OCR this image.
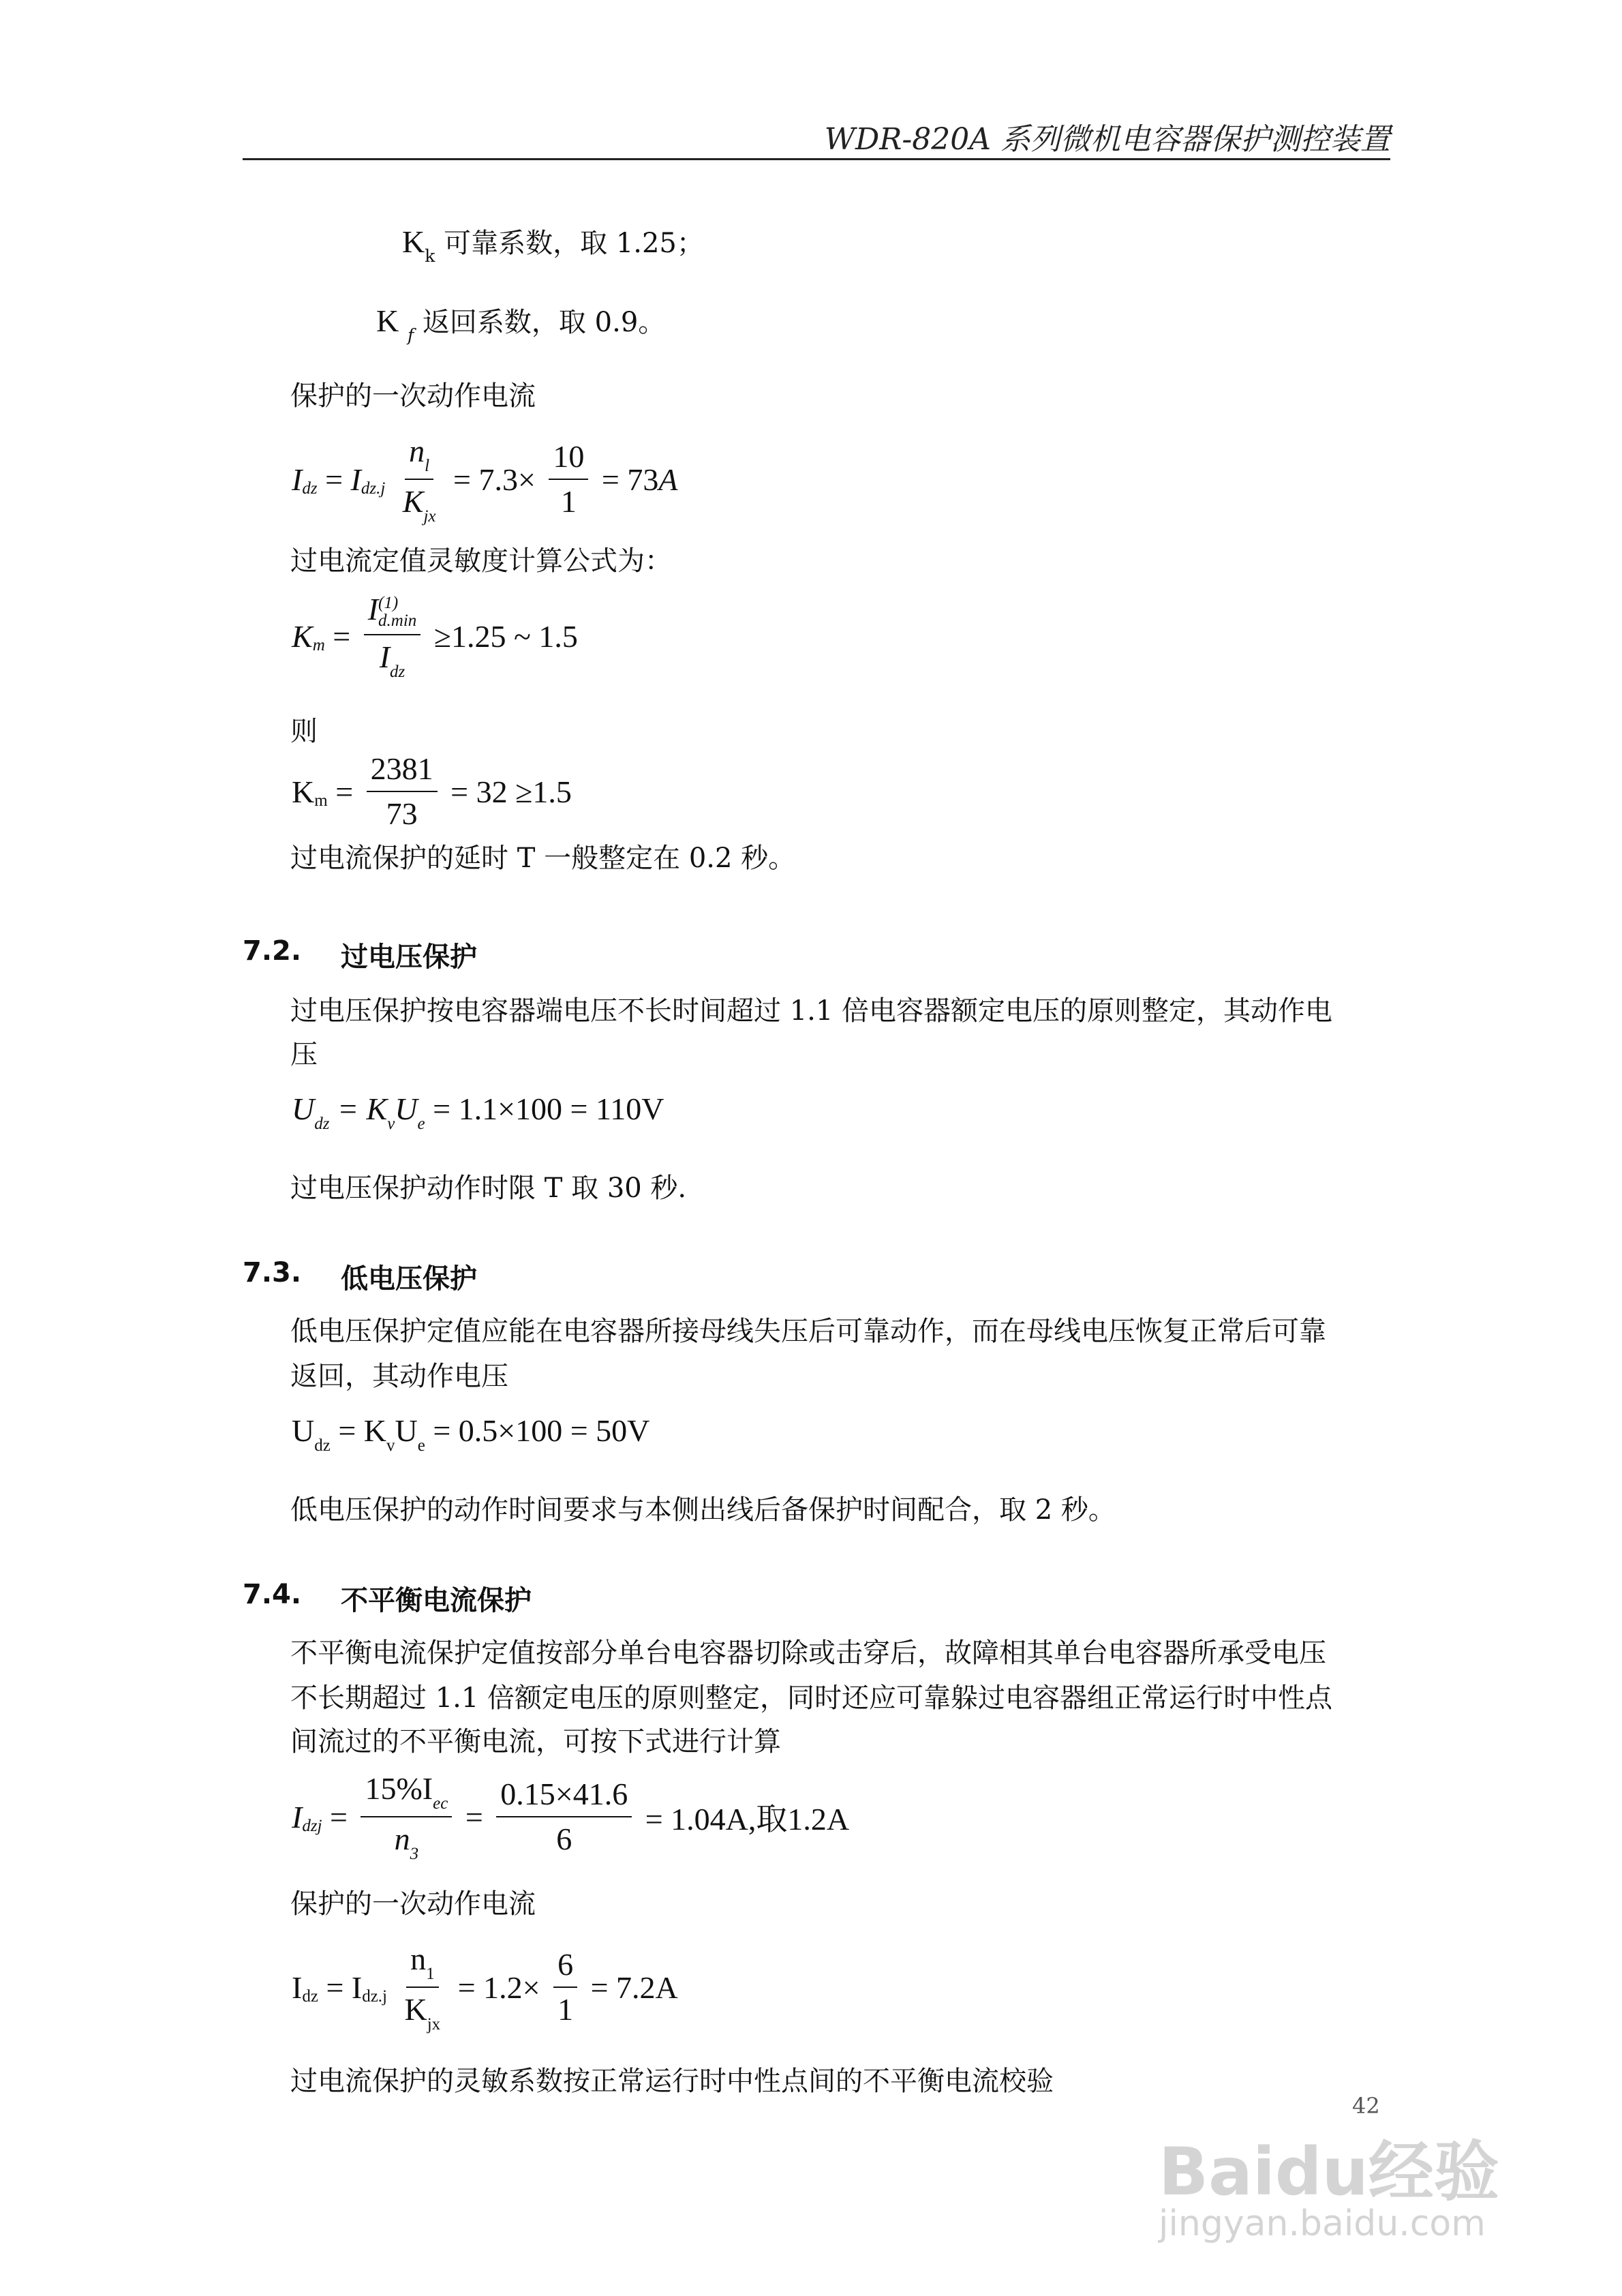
WDR-820A 系列微机电容器保护测控装置
$K_k$ 可靠系数，取 1.25；
K $_f$ 返回系数，取 0.9。
保护的一次动作电流
Idz = $Idz.j \frac{n_l}{K_{jx}} = 7.3\times \frac{10}{1} = 73A$
过电流定值灵敏度计算公式为：
Km = I (1)
d.min
$I_{dz} \ge 1.25$ ~ 1.5
则
$Km = \frac{2381}{73} = 32 \ge 1.5$
过电流保护的延时 T 一般整定在 0.2 秒。
7.2. 过电压保护
过电压保护按电容器端电压不长时间超过 1.1 倍电容器额定电压的原则整定，其动作电
压
$U_{dz} = K_vU_e = 1.1\times 100 = 110V$
过电压保护动作时限 T 取 30 秒.
7.3. 低电压保护
低电压保护定值应能在电容器所接母线失压后可靠动作，而在母线电压恢复正常后可靠
返回，其动作电压
$U_{dz} = K_vU_e = 0.5\times 100 = 50V$
低电压保护的动作时间要求与本侧出线后备保护时间配合，取 2 秒。
7.4. 不平衡电流保护
不平衡电流保护定值按部分单台电容器切除或击穿后，故障相其单台电容器所承受电压
不长期超过 1.1 倍额定电压的原则整定，同时还应可靠躲过电容器组正常运行时中性点
间流过的不平衡电流，可按下式进行计算
Idzj = $\frac{15\%I_{ec}}{n_3} = \frac{0.15\times 41.6}{6} = 1.04A$,取1.2A
保护的一次动作电流
Idz = $Idz.j \frac{n_1}{K_{jx}} = 1.2\times \frac{6}{1} = 7.2A$
过电流保护的灵敏系数按正常运行时中性点间的不平衡电流校验
42
Baidu经验
jingyan.baidu.com
